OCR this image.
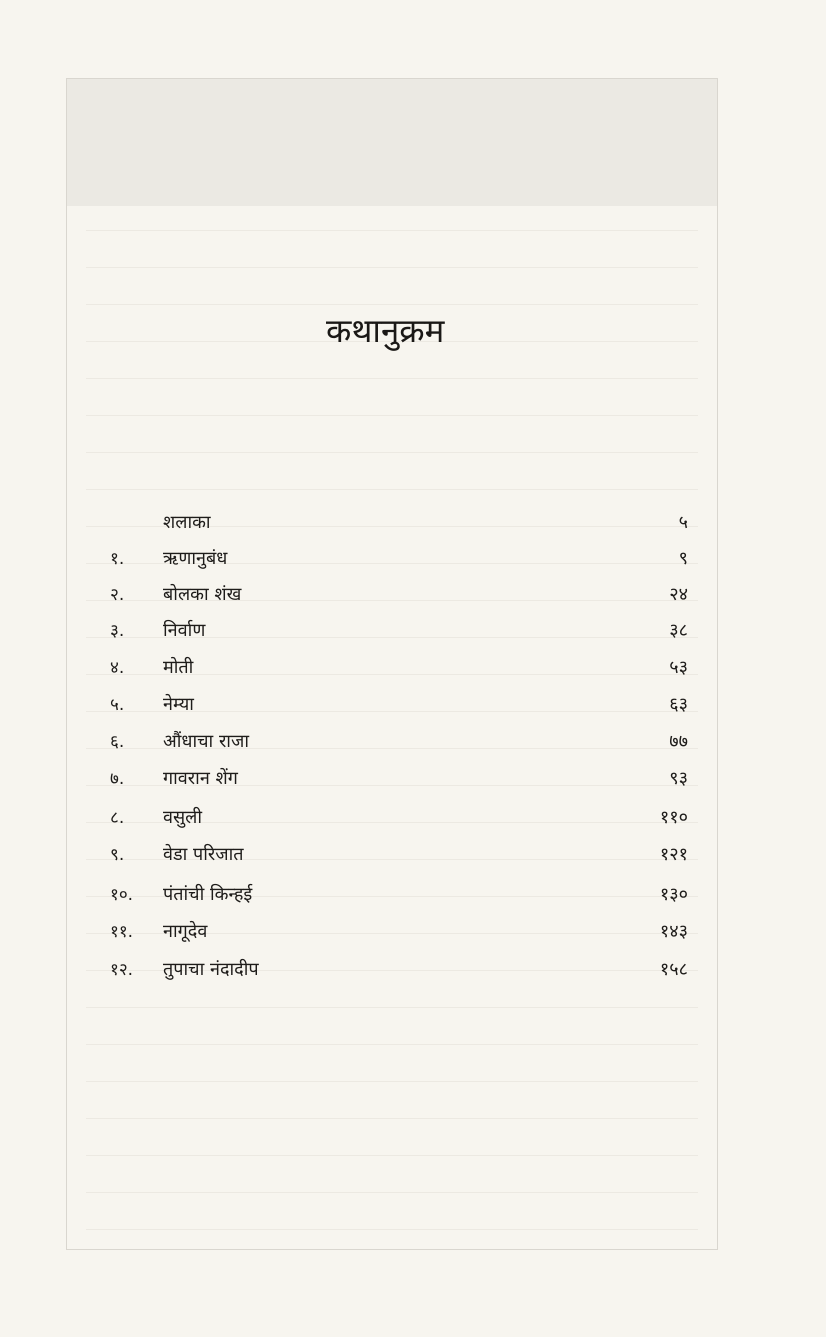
कथानुक्रम
शलाका	५
१. ऋणानुबंध	९
२. बोलका शंख	२४
३. निर्वाण	३८
४. मोती	५३
५. नेम्या	६३
६. औंधाचा राजा	७७
७. गावरान शेंग	९३
८. वसुली	११०
९. वेडा परिजात	१२१
१०. पंतांची किन्हई	१३०
११. नागूदेव	१४३
१२. तुपाचा नंदादीप	१५८
